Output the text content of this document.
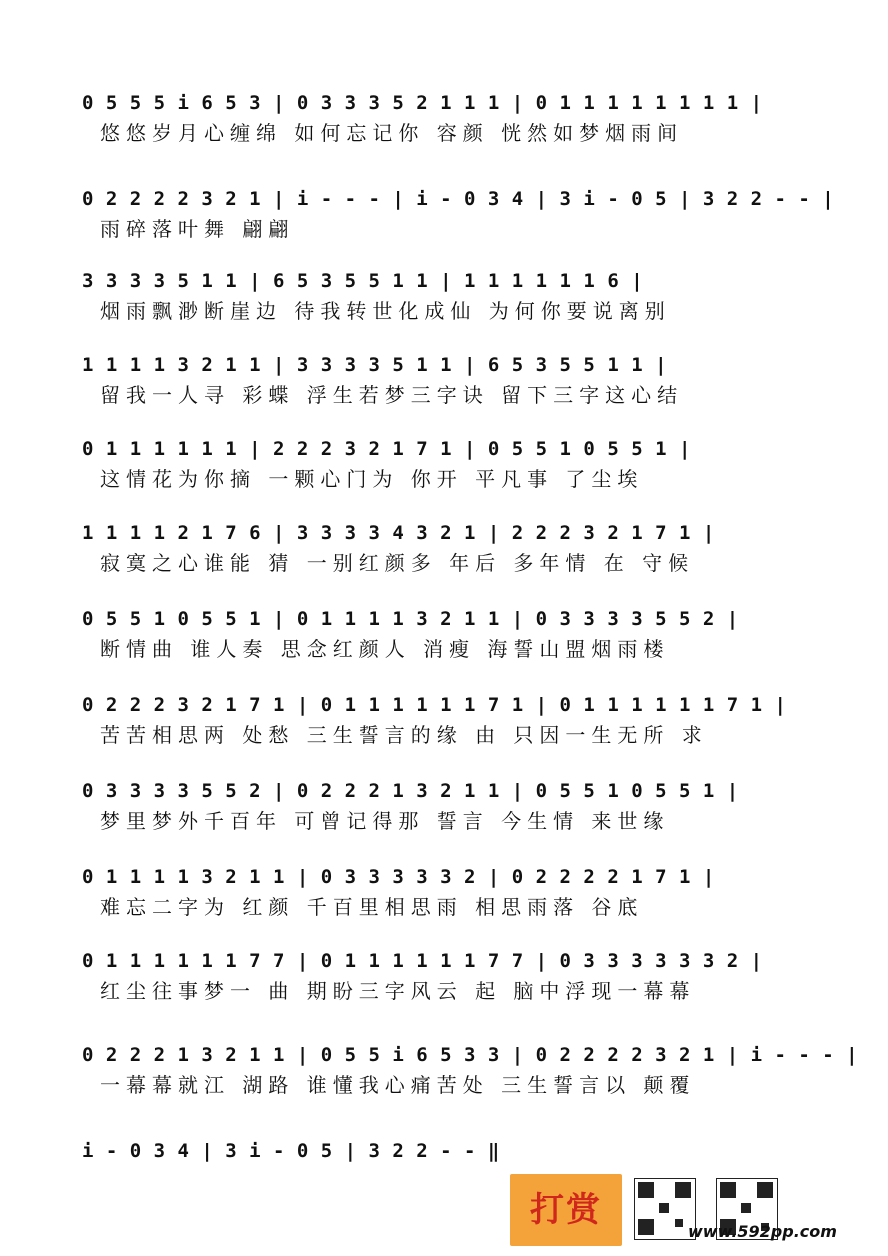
0 5 5 5 i 6 5 3 | 0 3 3 3 5 2 1 1 1 | 0 1 1 1 1 1 1 1 1 |
悠悠岁月心缠绵 如何忘记你 容颜 恍然如梦烟雨间
0 2 2 2 2 3 2 1 | i - - - | i - 0 3 4 | 3 i - 0 5 | 3 2 2 - - |
雨碎落叶舞 翩翩
3 3 3 3 5 1 1 | 6 5 3 5 5 1 1 | 1 1 1 1 1 1 6 |
烟雨飘渺断崖边 待我转世化成仙 为何你要说离别
1 1 1 1 3 2 1 1 | 3 3 3 3 5 1 1 | 6 5 3 5 5 1 1 |
留我一人寻 彩蝶 浮生若梦三字诀 留下三字这心结
0 1 1 1 1 1 1 | 2 2 2 3 2 1 7 1 | 0 5 5 1 0 5 5 1 |
这情花为你摘 一颗心门为 你开 平凡事 了尘埃
1 1 1 1 2 1 7 6 | 3 3 3 3 4 3 2 1 | 2 2 2 3 2 1 7 1 |
寂寞之心谁能 猜 一别红颜多 年后 多年情 在 守候
0 5 5 1 0 5 5 1 | 0 1 1 1 1 3 2 1 1 | 0 3 3 3 3 5 5 2 |
断情曲 谁人奏 思念红颜人 消瘦 海誓山盟烟雨楼
0 2 2 2 3 2 1 7 1 | 0 1 1 1 1 1 1 7 1 | 0 1 1 1 1 1 1 7 1 |
苦苦相思两 处愁 三生誓言的缘 由 只因一生无所 求
0 3 3 3 3 5 5 2 | 0 2 2 2 1 3 2 1 1 | 0 5 5 1 0 5 5 1 |
梦里梦外千百年 可曾记得那 誓言 今生情 来世缘
0 1 1 1 1 3 2 1 1 | 0 3 3 3 3 3 2 | 0 2 2 2 2 1 7 1 |
难忘二字为 红颜 千百里相思雨 相思雨落 谷底
0 1 1 1 1 1 1 7 7 | 0 1 1 1 1 1 1 7 7 | 0 3 3 3 3 3 3 2 |
红尘往事梦一 曲 期盼三字风云 起 脑中浮现一幕幕
0 2 2 2 1 3 2 1 1 | 0 5 5 i 6 5 3 3 | 0 2 2 2 2 3 2 1 | i - - - |
一幕幕就江 湖路 谁懂我心痛苦处 三生誓言以 颠覆
i - 0 3 4 | 3 i - 0 5 | 3 2 2 - - ‖
打赏
www.592pp.com
